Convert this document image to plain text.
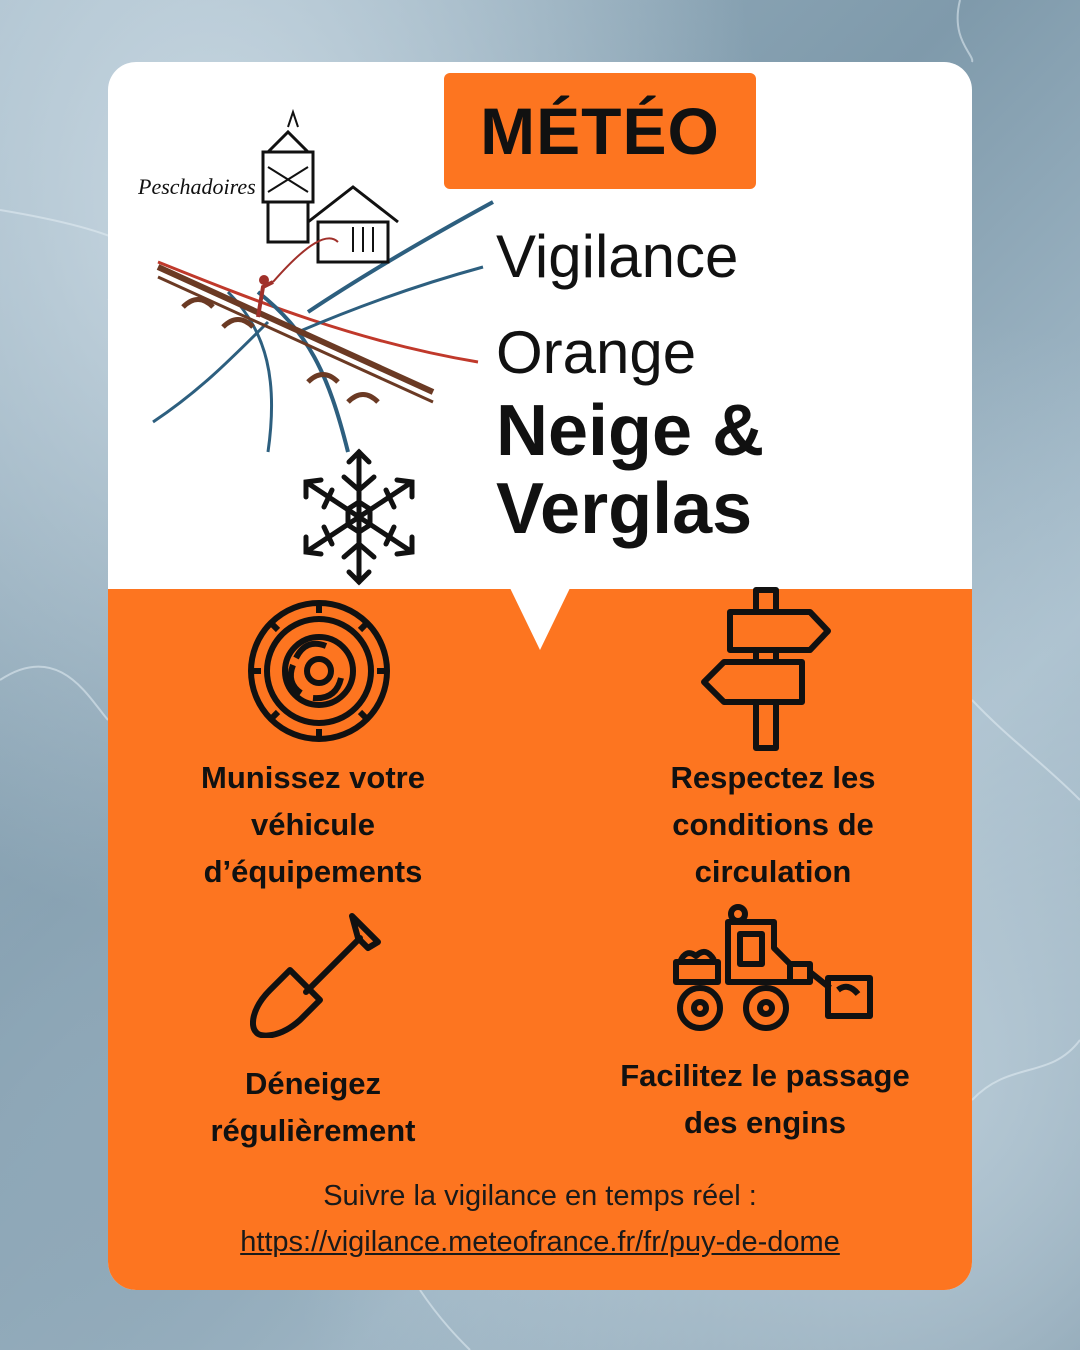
Peschadoires
MÉTÉO
Vigilance
Orange
Neige &
Verglas
Munissez votre
véhicule
d’équipements
Respectez les
conditions de
circulation
Déneigez
régulièrement
Facilitez le passage
des engins
Suivre la vigilance en temps réel :
https://vigilance.meteofrance.fr/fr/puy-de-dome
